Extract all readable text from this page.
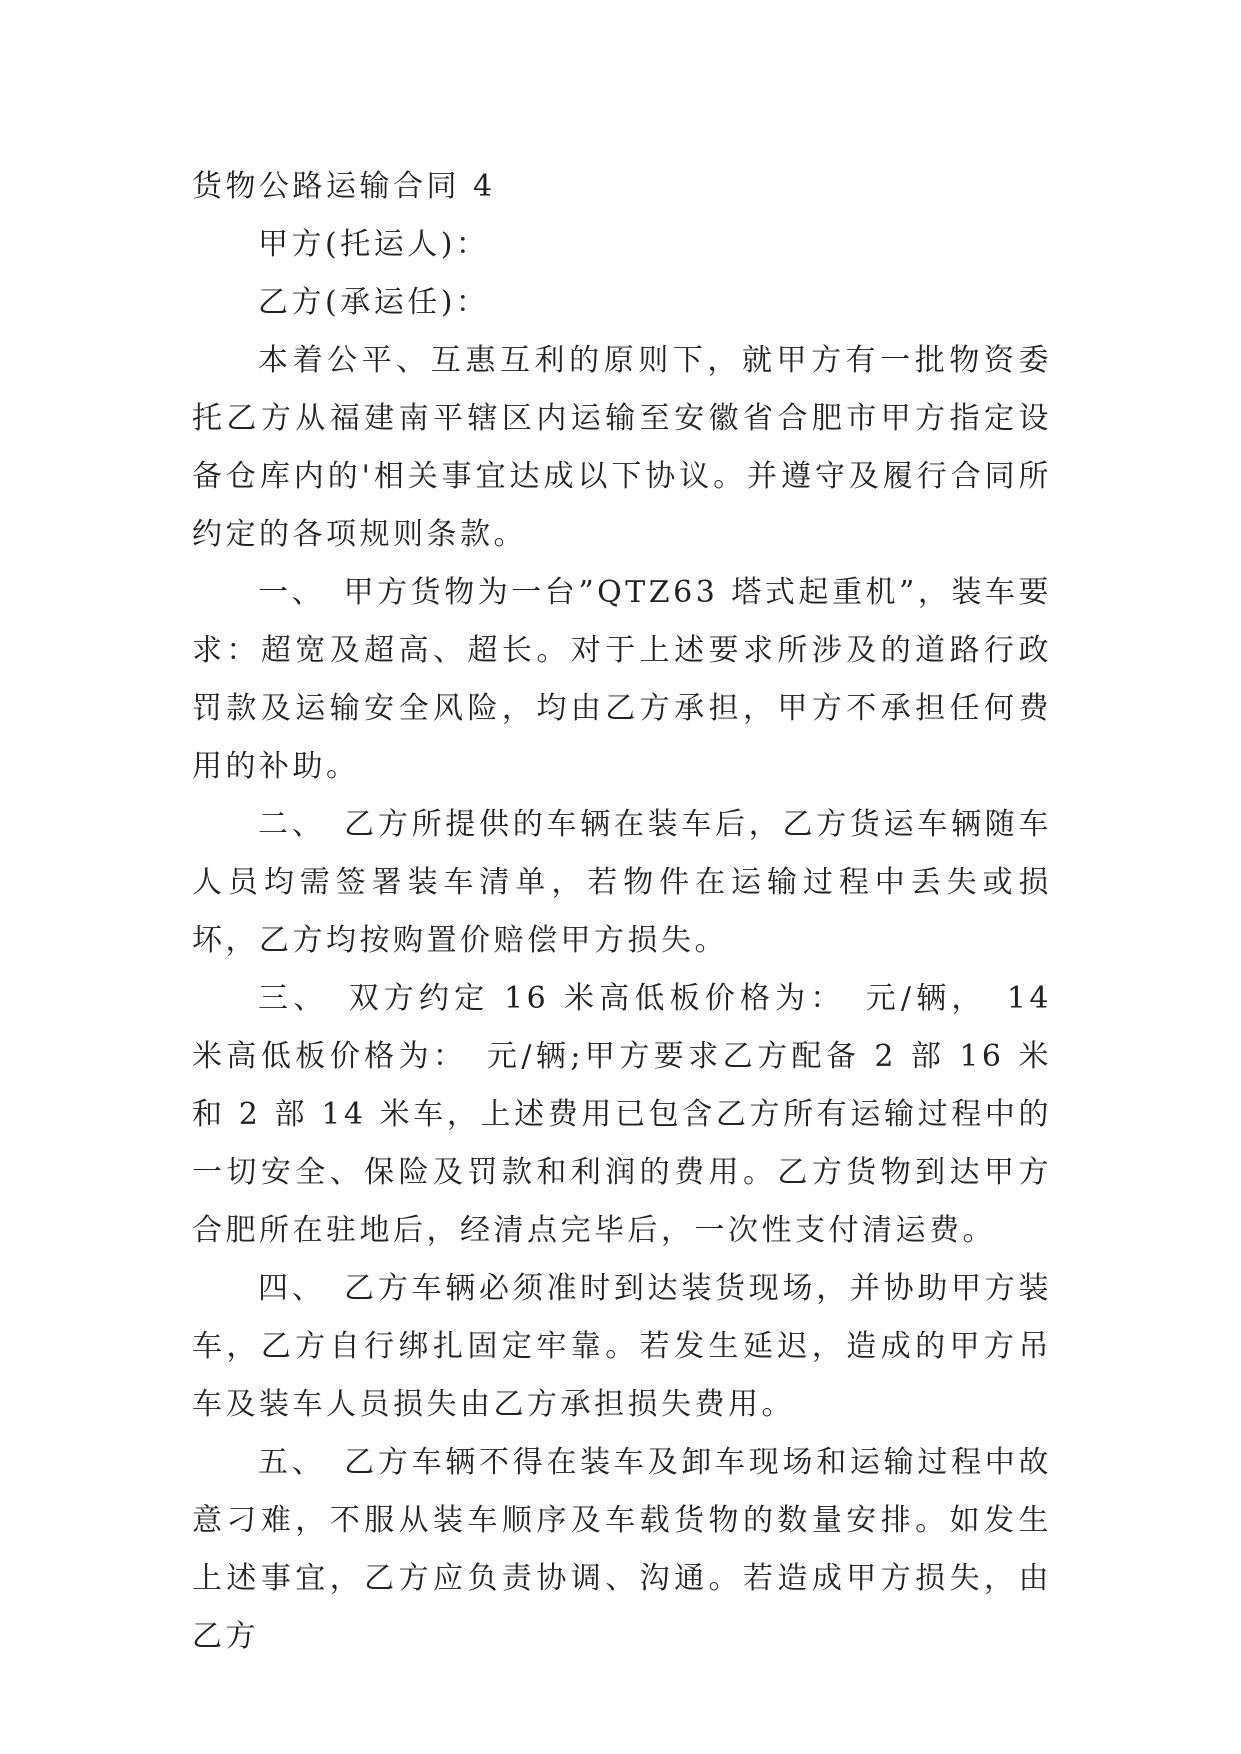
货物公路运输合同 4

甲方(托运人)：

乙方(承运任)：

本着公平、互惠互利的原则下，就甲方有一批物资委托乙方从福建南平辖区内运输至安徽省合肥市甲方指定设备仓库内的'相关事宜达成以下协议。并遵守及履行合同所约定的各项规则条款。

一、　甲方货物为一台”QTZ63 塔式起重机”，装车要求：超宽及超高、超长。对于上述要求所涉及的道路行政罚款及运输安全风险，均由乙方承担，甲方不承担任何费用的补助。

二、　乙方所提供的车辆在装车后，乙方货运车辆随车人员均需签署装车清单，若物件在运输过程中丢失或损坏，乙方均按购置价赔偿甲方损失。

三、　双方约定 16 米高低板价格为：　元/辆，　14 米高低板价格为：　元/辆;甲方要求乙方配备 2 部 16 米和 2 部 14 米车，上述费用已包含乙方所有运输过程中的一切安全、保险及罚款和利润的费用。乙方货物到达甲方合肥所在驻地后，经清点完毕后，一次性支付清运费。

四、　乙方车辆必须准时到达装货现场，并协助甲方装车，乙方自行绑扎固定牢靠。若发生延迟，造成的甲方吊车及装车人员损失由乙方承担损失费用。

五、　乙方车辆不得在装车及卸车现场和运输过程中故意刁难，不服从装车顺序及车载货物的数量安排。如发生上述事宜，乙方应负责协调、沟通。若造成甲方损失，由乙方
